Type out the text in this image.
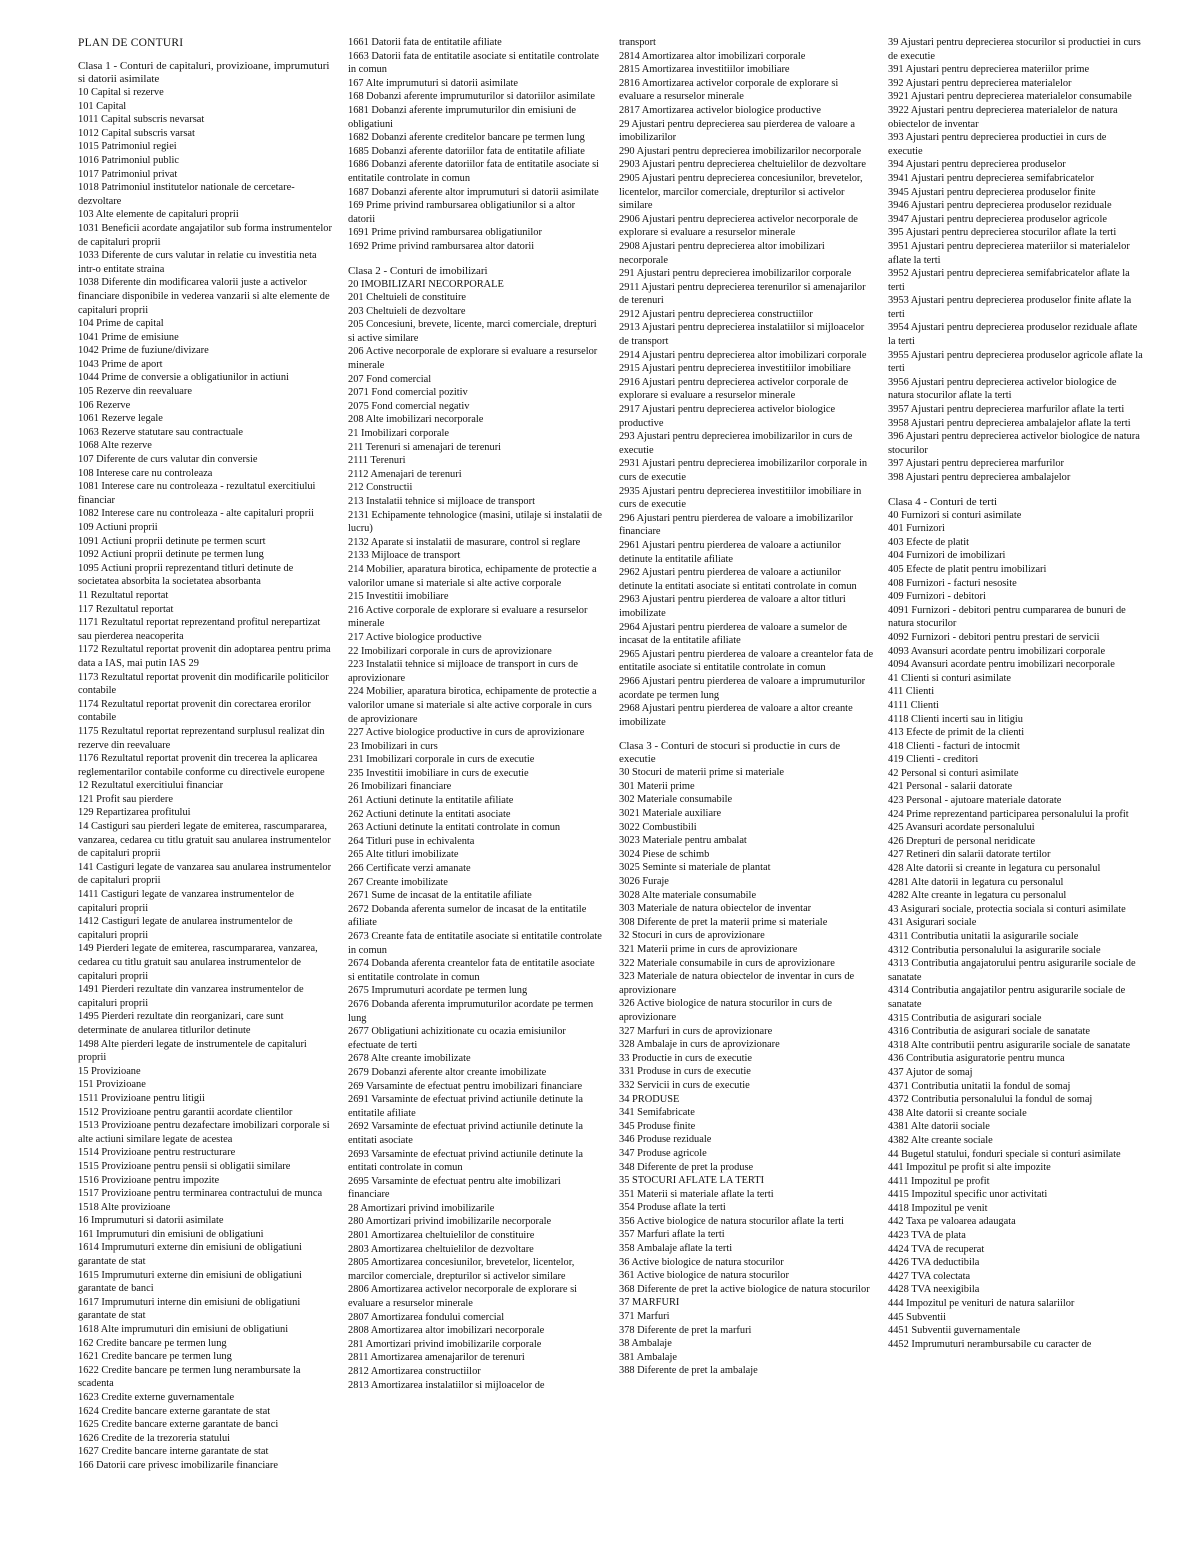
PLAN DE CONTURI
Clasa 1 - Conturi de capitaluri, provizioane, imprumuturi si datorii asimilate
10 Capital si rezerve
101 Capital
1011 Capital subscris nevarsat
1012 Capital subscris varsat
1015 Patrimoniul regiei
1016 Patrimoniul public
1017 Patrimoniul privat
1018 Patrimoniul institutelor nationale de cercetare-dezvoltare
103 Alte elemente de capitaluri proprii
1031 Beneficii acordate angajatilor sub forma instrumentelor de capitaluri proprii
1033 Diferente de curs valutar in relatie cu investitia neta intr-o entitate straina
1038 Diferente din modificarea valorii juste a activelor financiare disponibile in vederea vanzarii si alte elemente de capitaluri proprii
104 Prime de capital
1041 Prime de emisiune
1042 Prime de fuziune/divizare
1043 Prime de aport
1044 Prime de conversie a obligatiunilor in actiuni
105 Rezerve din reevaluare
106 Rezerve
1061 Rezerve legale
1063 Rezerve statutare sau contractuale
1068 Alte rezerve
107 Diferente de curs valutar din conversie
108 Interese care nu controleaza
1081 Interese care nu controleaza - rezultatul exercitiului financiar
1082 Interese care nu controleaza - alte capitaluri proprii
109 Actiuni proprii
1091 Actiuni proprii detinute pe termen scurt
1092 Actiuni proprii detinute pe termen lung
1095 Actiuni proprii reprezentand titluri detinute de societatea absorbita la societatea absorbanta
11 Rezultatul reportat
117 Rezultatul reportat
1171 Rezultatul reportat reprezentand profitul nerepartizat sau pierderea neacoperita
1172 Rezultatul reportat provenit din adoptarea pentru prima data a IAS, mai putin IAS 29
1173 Rezultatul reportat provenit din modificarile politicilor contabile
1174 Rezultatul reportat provenit din corectarea erorilor contabile
1175 Rezultatul reportat reprezentand surplusul realizat din rezerve din reevaluare
1176 Rezultatul reportat provenit din trecerea la aplicarea reglementarilor contabile conforme cu directivele europene
12 Rezultatul exercitiului financiar
121 Profit sau pierdere
129 Repartizarea profitului
14 Castiguri sau pierderi legate de emiterea, rascumpararea, vanzarea, cedarea cu titlu gratuit sau anularea instrumentelor de capitaluri proprii
141 Castiguri legate de vanzarea sau anularea instrumentelor de capitaluri proprii
1411 Castiguri legate de vanzarea instrumentelor de capitaluri proprii
1412 Castiguri legate de anularea instrumentelor de capitaluri proprii
149 Pierderi legate de emiterea, rascumpararea, vanzarea, cedarea cu titlu gratuit sau anularea instrumentelor de capitaluri proprii
1491 Pierderi rezultate din vanzarea instrumentelor de capitaluri proprii
1495 Pierderi rezultate din reorganizari, care sunt determinate de anularea titlurilor detinute
1498 Alte pierderi legate de instrumentele de capitaluri proprii
15 Provizioane
151 Provizioane
1511 Provizioane pentru litigii
1512 Provizioane pentru garantii acordate clientilor
1513 Provizioane pentru dezafectare imobilizari corporale si alte actiuni similare legate de acestea
1514 Provizioane pentru restructurare
1515 Provizioane pentru pensii si obligatii similare
1516 Provizioane pentru impozite
1517 Provizioane pentru terminarea contractului de munca
1518 Alte provizioane
16 Imprumuturi si datorii asimilate
161 Imprumuturi din emisiuni de obligatiuni
1614 Imprumuturi externe din emisiuni de obligatiuni garantate de stat
1615 Imprumuturi externe din emisiuni de obligatiuni garantate de banci
1617 Imprumuturi interne din emisiuni de obligatiuni garantate de stat
1618 Alte imprumuturi din emisiuni de obligatiuni
162 Credite bancare pe termen lung
1621 Credite bancare pe termen lung
1622 Credite bancare pe termen lung nerambursate la scadenta
1623 Credite externe guvernamentale
1624 Credite bancare externe garantate de stat
1625 Credite bancare externe garantate de banci
1626 Credite de la trezoreria statului
1627 Credite bancare interne garantate de stat
166 Datorii care privesc imobilizarile financiare
1661 Datorii fata de entitatile afiliate
1663 Datorii fata de entitatile asociate si entitatile controlate in comun
167 Alte imprumuturi si datorii asimilate
168 Dobanzi aferente imprumuturilor si datoriilor asimilate
1681 Dobanzi aferente imprumuturilor din emisiuni de obligatiuni
1682 Dobanzi aferente creditelor bancare pe termen lung
1685 Dobanzi aferente datoriilor fata de entitatile afiliate
1686 Dobanzi aferente datoriilor fata de entitatile asociate si entitatile controlate in comun
1687 Dobanzi aferente altor imprumuturi si datorii asimilate
169 Prime privind rambursarea obligatiunilor si a altor datorii
1691 Prime privind rambursarea obligatiunilor
1692 Prime privind rambursarea altor datorii
Clasa 2 - Conturi de imobilizari
20 IMOBILIZARI NECORPORALE
201 Cheltuieli de constituire
203 Cheltuieli de dezvoltare
205 Concesiuni, brevete, licente, marci comerciale, drepturi si active similare
206 Active necorporale de explorare si evaluare a resurselor minerale
207 Fond comercial
2071 Fond comercial pozitiv
2075 Fond comercial negativ
208 Alte imobilizari necorporale
21 Imobilizari corporale
211 Terenuri si amenajari de terenuri
2111 Terenuri
2112 Amenajari de terenuri
212 Constructii
213 Instalatii tehnice si mijloace de transport
2131 Echipamente tehnologice (masini, utilaje si instalatii de lucru)
2132 Aparate si instalatii de masurare, control si reglare
2133 Mijloace de transport
214 Mobilier, aparatura birotica, echipamente de protectie a valorilor umane si materiale si alte active corporale
215 Investitii imobiliare
216 Active corporale de explorare si evaluare a resurselor minerale
217 Active biologice productive
22 Imobilizari corporale in curs de aprovizionare
223 Instalatii tehnice si mijloace de transport in curs de aprovizionare
224 Mobilier, aparatura birotica, echipamente de protectie a valorilor umane si materiale si alte active corporale in curs de aprovizionare
227 Active biologice productive in curs de aprovizionare
23 Imobilizari in curs
231 Imobilizari corporale in curs de executie
235 Investitii imobiliare in curs de executie
26 Imobilizari financiare
261 Actiuni detinute la entitatile afiliate
262 Actiuni detinute la entitati asociate
263 Actiuni detinute la entitati controlate in comun
264 Titluri puse in echivalenta
265 Alte titluri imobilizate
266 Certificate verzi amanate
267 Creante imobilizate
2671 Sume de incasat de la entitatile afiliate
2672 Dobanda aferenta sumelor de incasat de la entitatile afiliate
2673 Creante fata de entitatile asociate si entitatile controlate in comun
2674 Dobanda aferenta creantelor fata de entitatile asociate si entitatile controlate in comun
2675 Imprumuturi acordate pe termen lung
2676 Dobanda aferenta imprumuturilor acordate pe termen lung
2677 Obligatiuni achizitionate cu ocazia emisiunilor efectuate de terti
2678 Alte creante imobilizate
2679 Dobanzi aferente altor creante imobilizate
269 Varsaminte de efectuat pentru imobilizari financiare
2691 Varsaminte de efectuat privind actiunile detinute la entitatile afiliate
2692 Varsaminte de efectuat privind actiunile detinute la entitati asociate
2693 Varsaminte de efectuat privind actiunile detinute la entitati controlate in comun
2695 Varsaminte de efectuat pentru alte imobilizari financiare
28 Amortizari privind imobilizarile
280 Amortizari privind imobilizarile necorporale
2801 Amortizarea cheltuielilor de constituire
2803 Amortizarea cheltuielilor de dezvoltare
2805 Amortizarea concesiunilor, brevetelor, licentelor, marcilor comerciale, drepturilor si activelor similare
2806 Amortizarea activelor necorporale de explorare si evaluare a resurselor minerale
2807 Amortizarea fondului comercial
2808 Amortizarea altor imobilizari necorporale
281 Amortizari privind imobilizarile corporale
2811 Amortizarea amenajarilor de terenuri
2812 Amortizarea constructiilor
2813 Amortizarea instalatiilor si mijloacelor de
transport
2814 Amortizarea altor imobilizari corporale
2815 Amortizarea investitiilor imobiliare
2816 Amortizarea activelor corporale de explorare si evaluare a resurselor minerale
2817 Amortizarea activelor biologice productive
29 Ajustari pentru deprecierea sau pierderea de valoare a imobilizarilor
290 Ajustari pentru deprecierea imobilizarilor necorporale
2903 Ajustari pentru deprecierea cheltuielilor de dezvoltare
2905 Ajustari pentru deprecierea concesiunilor, brevetelor, licentelor, marcilor comerciale, drepturilor si activelor similare
2906 Ajustari pentru deprecierea activelor necorporale de explorare si evaluare a resurselor minerale
2908 Ajustari pentru deprecierea altor imobilizari necorporale
291 Ajustari pentru deprecierea imobilizarilor corporale
2911 Ajustari pentru deprecierea terenurilor si amenajarilor de terenuri
2912 Ajustari pentru deprecierea constructiilor
2913 Ajustari pentru deprecierea instalatiilor si mijloacelor de transport
2914 Ajustari pentru deprecierea altor imobilizari corporale
2915 Ajustari pentru deprecierea investitiilor imobiliare
2916 Ajustari pentru deprecierea activelor corporale de explorare si evaluare a resurselor minerale
2917 Ajustari pentru deprecierea activelor biologice productive
293 Ajustari pentru deprecierea imobilizarilor in curs de executie
2931 Ajustari pentru deprecierea imobilizarilor corporale in curs de executie
2935 Ajustari pentru deprecierea investitiilor imobiliare in curs de executie
296 Ajustari pentru pierderea de valoare a imobilizarilor financiare
2961 Ajustari pentru pierderea de valoare a actiunilor detinute la entitatile afiliate
2962 Ajustari pentru pierderea de valoare a actiunilor detinute la entitati asociate si entitati controlate in comun
2963 Ajustari pentru pierderea de valoare a altor titluri imobilizate
2964 Ajustari pentru pierderea de valoare a sumelor de incasat de la entitatile afiliate
2965 Ajustari pentru pierderea de valoare a creantelor fata de entitatile asociate si entitatile controlate in comun
2966 Ajustari pentru pierderea de valoare a imprumuturilor acordate pe termen lung
2968 Ajustari pentru pierderea de valoare a altor creante imobilizate
Clasa 3 - Conturi de stocuri si productie in curs de executie
30 Stocuri de materii prime si materiale
301 Materii prime
302 Materiale consumabile
3021 Materiale auxiliare
3022 Combustibili
3023 Materiale pentru ambalat
3024 Piese de schimb
3025 Seminte si materiale de plantat
3026 Furaje
3028 Alte materiale consumabile
303 Materiale de natura obiectelor de inventar
308 Diferente de pret la materii prime si materiale
32 Stocuri in curs de aprovizionare
321 Materii prime in curs de aprovizionare
322 Materiale consumabile in curs de aprovizionare
323 Materiale de natura obiectelor de inventar in curs de aprovizionare
326 Active biologice de natura stocurilor in curs de aprovizionare
327 Marfuri in curs de aprovizionare
328 Ambalaje in curs de aprovizionare
33 Productie in curs de executie
331 Produse in curs de executie
332 Servicii in curs de executie
34 PRODUSE
341 Semifabricate
345 Produse finite
346 Produse reziduale
347 Produse agricole
348 Diferente de pret la produse
35 STOCURI AFLATE LA TERTI
351 Materii si materiale aflate la terti
354 Produse aflate la terti
356 Active biologice de natura stocurilor aflate la terti
357 Marfuri aflate la terti
358 Ambalaje aflate la terti
36 Active biologice de natura stocurilor
361 Active biologice de natura stocurilor
368 Diferente de pret la active biologice de natura stocurilor
37 MARFURI
371 Marfuri
378 Diferente de pret la marfuri
38 Ambalaje
381 Ambalaje
388 Diferente de pret la ambalaje
39 Ajustari pentru deprecierea stocurilor si productiei in curs de executie
391 Ajustari pentru deprecierea materiilor prime
392 Ajustari pentru deprecierea materialelor
3921 Ajustari pentru deprecierea materialelor consumabile
3922 Ajustari pentru deprecierea materialelor de natura obiectelor de inventar
393 Ajustari pentru deprecierea productiei in curs de executie
394 Ajustari pentru deprecierea produselor
3941 Ajustari pentru deprecierea semifabricatelor
3945 Ajustari pentru deprecierea produselor finite
3946 Ajustari pentru deprecierea produselor reziduale
3947 Ajustari pentru deprecierea produselor agricole
395 Ajustari pentru deprecierea stocurilor aflate la terti
3951 Ajustari pentru deprecierea materiilor si materialelor aflate la terti
3952 Ajustari pentru deprecierea semifabricatelor aflate la terti
3953 Ajustari pentru deprecierea produselor finite aflate la terti
3954 Ajustari pentru deprecierea produselor reziduale aflate la terti
3955 Ajustari pentru deprecierea produselor agricole aflate la terti
3956 Ajustari pentru deprecierea activelor biologice de natura stocurilor aflate la terti
3957 Ajustari pentru deprecierea marfurilor aflate la terti
3958 Ajustari pentru deprecierea ambalajelor aflate la terti
396 Ajustari pentru deprecierea activelor biologice de natura stocurilor
397 Ajustari pentru deprecierea marfurilor
398 Ajustari pentru deprecierea ambalajelor
Clasa 4 - Conturi de terti
40 Furnizori si conturi asimilate
401 Furnizori
403 Efecte de platit
404 Furnizori de imobilizari
405 Efecte de platit pentru imobilizari
408 Furnizori - facturi nesosite
409 Furnizori - debitori
4091 Furnizori - debitori pentru cumpararea de bunuri de natura stocurilor
4092 Furnizori - debitori pentru prestari de servicii
4093 Avansuri acordate pentru imobilizari corporale
4094 Avansuri acordate pentru imobilizari necorporale
41 Clienti si conturi asimilate
411 Clienti
4111 Clienti
4118 Clienti incerti sau in litigiu
413 Efecte de primit de la clienti
418 Clienti - facturi de intocmit
419 Clienti - creditori
42 Personal si conturi asimilate
421 Personal - salarii datorate
423 Personal - ajutoare materiale datorate
424 Prime reprezentand participarea personalului la profit
425 Avansuri acordate personalului
426 Drepturi de personal neridicate
427 Retineri din salarii datorate tertilor
428 Alte datorii si creante in legatura cu personalul
4281 Alte datorii in legatura cu personalul
4282 Alte creante in legatura cu personalul
43 Asigurari sociale, protectia sociala si conturi asimilate
431 Asigurari sociale
4311 Contributia unitatii la asigurarile sociale
4312 Contributia personalului la asigurarile sociale
4313 Contributia angajatorului pentru asigurarile sociale de sanatate
4314 Contributia angajatilor pentru asigurarile sociale de sanatate
4315 Contributia de asigurari sociale
4316 Contributia de asigurari sociale de sanatate
4318 Alte contributii pentru asigurarile sociale de sanatate
436 Contributia asiguratorie pentru munca
437 Ajutor de somaj
4371 Contributia unitatii la fondul de somaj
4372 Contributia personalului la fondul de somaj
438 Alte datorii si creante sociale
4381 Alte datorii sociale
4382 Alte creante sociale
44 Bugetul statului, fonduri speciale si conturi asimilate
441 Impozitul pe profit si alte impozite
4411 Impozitul pe profit
4415 Impozitul specific unor activitati
4418 Impozitul pe venit
442 Taxa pe valoarea adaugata
4423 TVA de plata
4424 TVA de recuperat
4426 TVA deductibila
4427 TVA colectata
4428 TVA neexigibila
444 Impozitul pe venituri de natura salariilor
445 Subventii
4451 Subventii guvernamentale
4452 Imprumuturi nerambursabile cu caracter de
